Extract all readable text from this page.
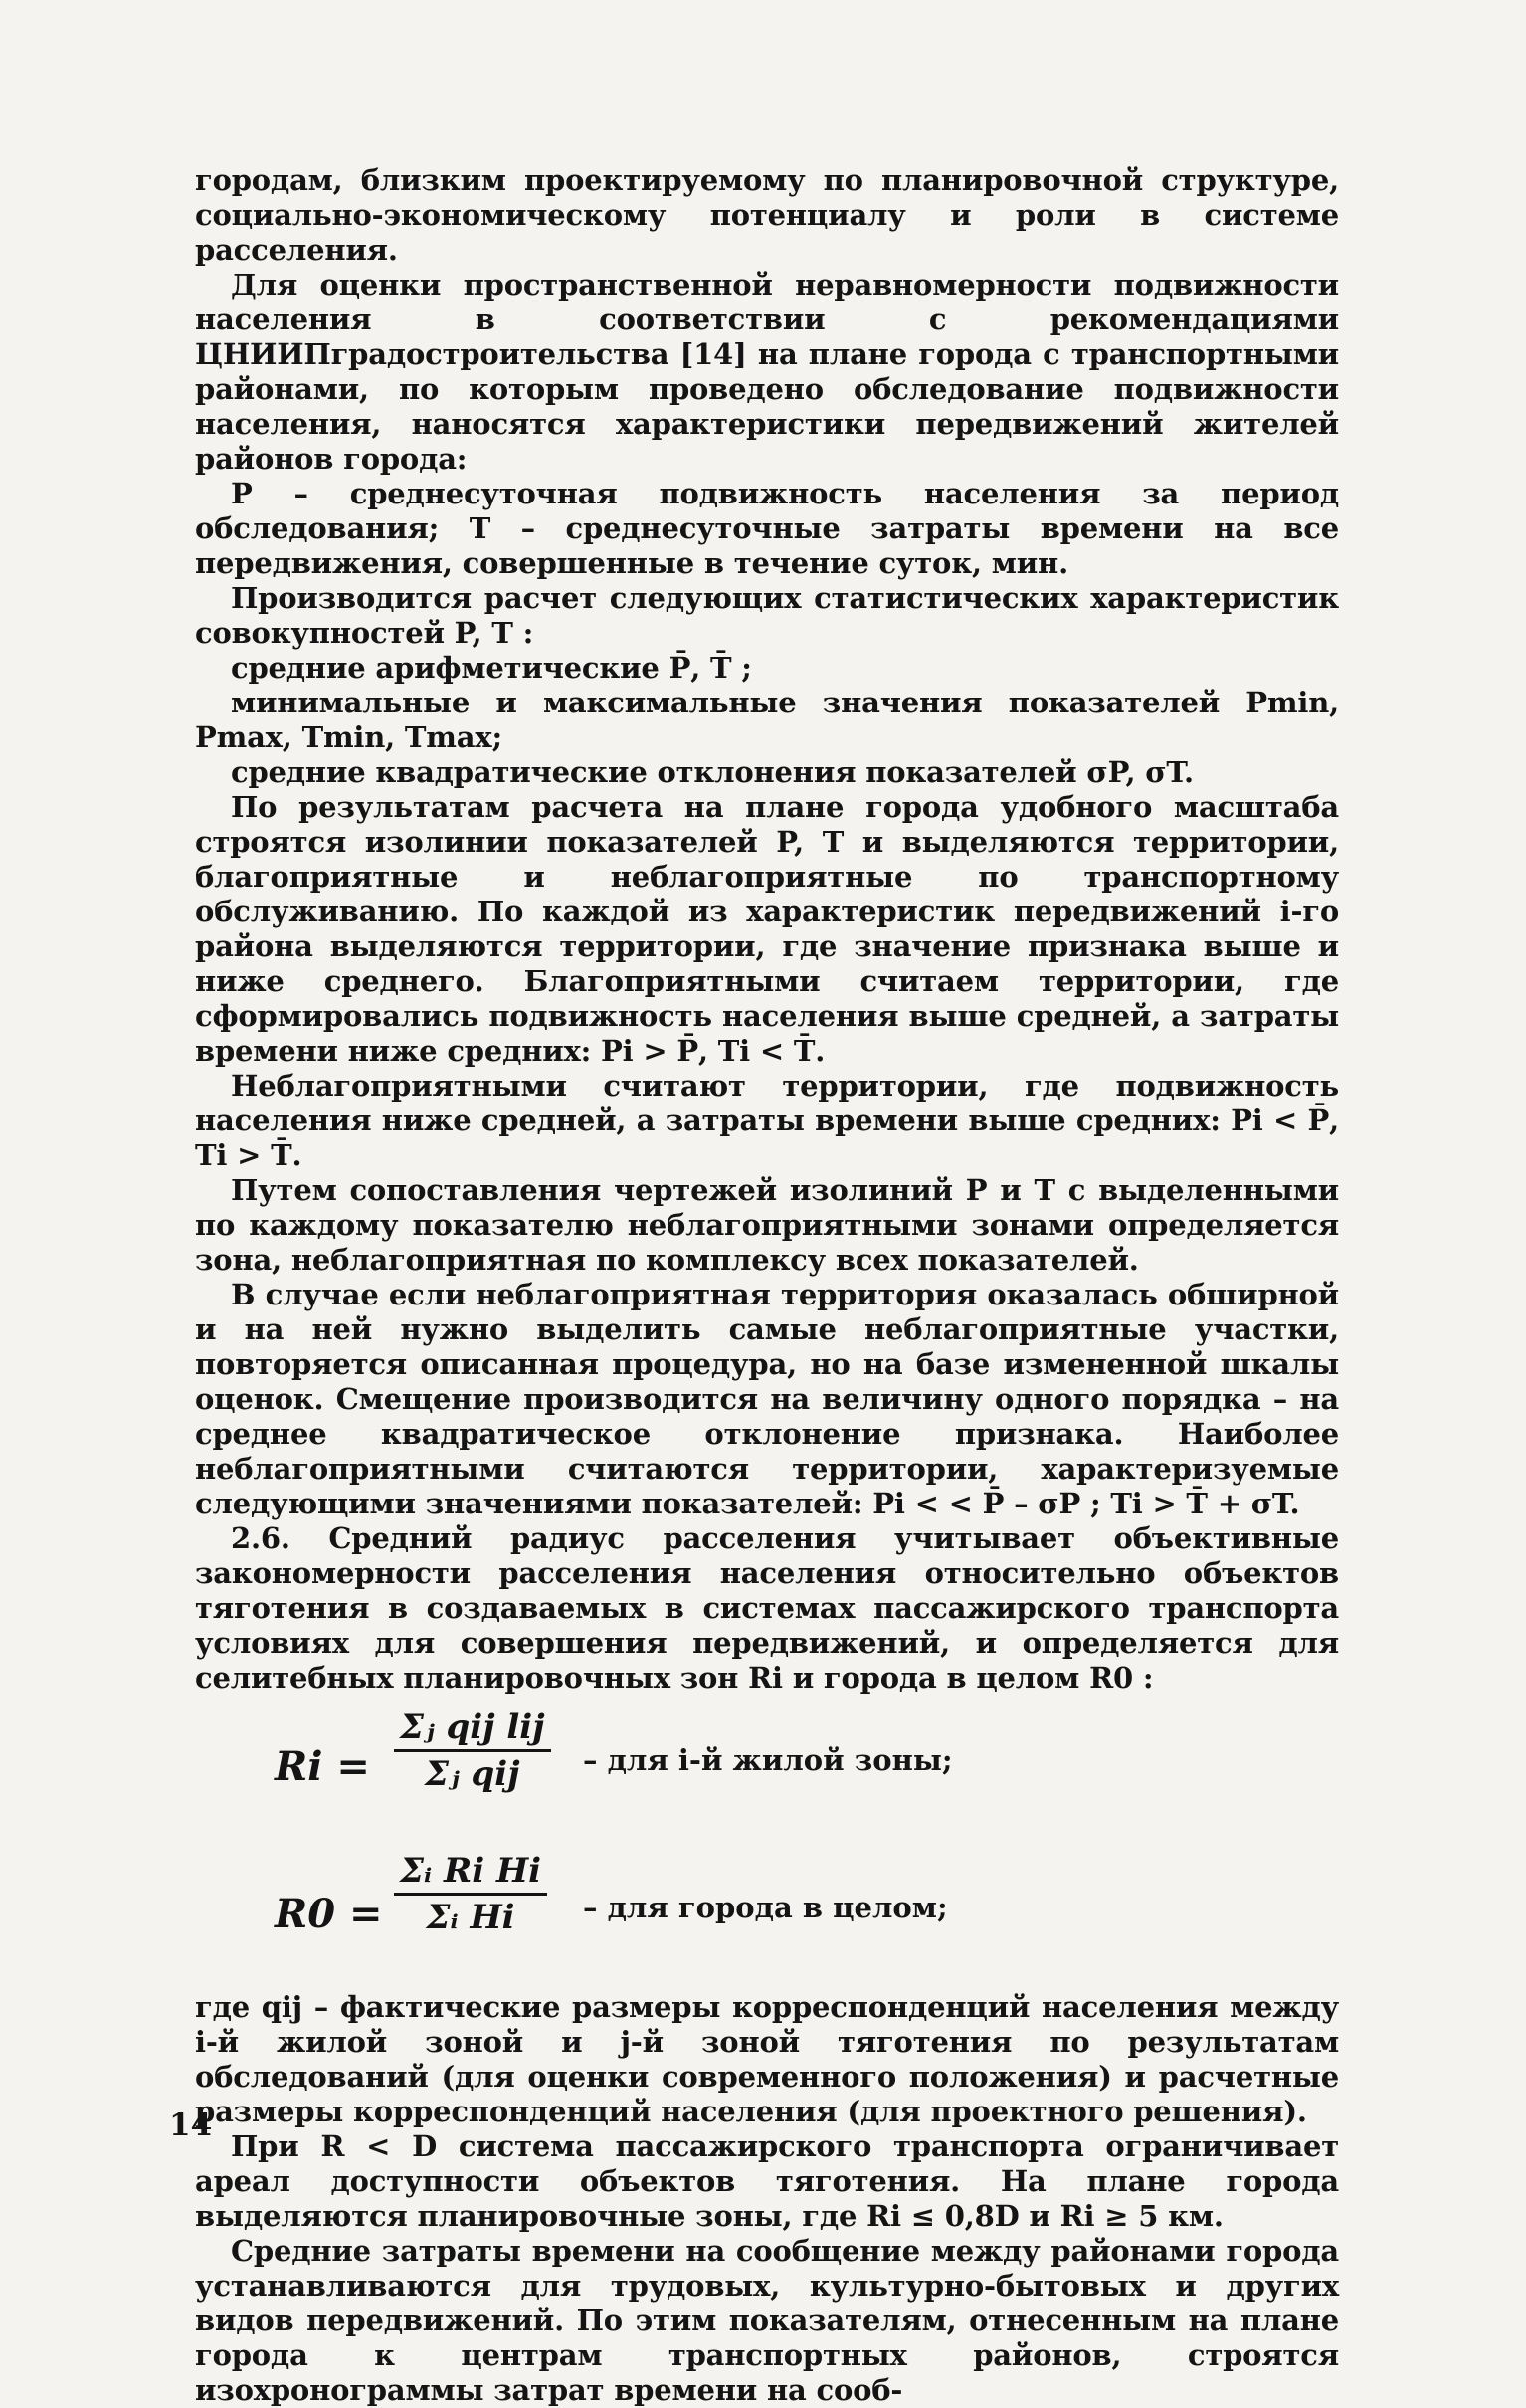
городам, близким проектируемому по планировочной структуре, социально-экономическому потенциалу и роли в системе расселения.

Для оценки пространственной неравномерности подвижности населения в соответствии с рекомендациями ЦНИИПградостроительства [14] на плане города с транспортными районами, по которым проведено обследование подвижности населения, наносятся характеристики передвижений жителей районов города:

P – среднесуточная подвижность населения за период обследования; T – среднесуточные затраты времени на все передвижения, совершенные в течение суток, мин.

Производится расчет следующих статистических характеристик совокупностей P, T :

средние арифметические P̄, T̄ ;

минимальные и максимальные значения показателей Pmin, Pmax, Tmin, Tmax;

средние квадратические отклонения показателей σP, σT.

По результатам расчета на плане города удобного масштаба строятся изолинии показателей P, T и выделяются территории, благоприятные и неблагоприятные по транспортному обслуживанию. По каждой из характеристик передвижений i-го района выделяются территории, где значение признака выше и ниже среднего. Благоприятными считаем территории, где сформировались подвижность населения выше средней, а затраты времени ниже средних: Pi > P̄, Ti < T̄.

Неблагоприятными считают территории, где подвижность населения ниже средней, а затраты времени выше средних: Pi < P̄, Ti > T̄.

Путем сопоставления чертежей изолиний P и T с выделенными по каждому показателю неблагоприятными зонами определяется зона, неблагоприятная по комплексу всех показателей.

В случае если неблагоприятная территория оказалась обширной и на ней нужно выделить самые неблагоприятные участки, повторяется описанная процедура, но на базе измененной шкалы оценок. Смещение производится на величину одного порядка – на среднее квадратическое отклонение признака. Наиболее неблагоприятными считаются территории, характеризуемые следующими значениями показателей: Pi < < P̄ – σP ; Ti > T̄ + σT.

2.6. Средний радиус расселения учитывает объективные закономерности расселения населения относительно объектов тяготения в создаваемых в системах пассажирского транспорта условиях для совершения передвижений, и определяется для селитебных планировочных зон Ri и города в целом R0 :

Ri =
Σⱼ qij lij
Σⱼ qij	– для i-й жилой зоны;
$R0 = \frac{\text{Σᵢ Ri Hi}}{\text{Σᵢ Hi}}$ – для города в целом;

где qij – фактические размеры корреспонденций населения между i-й жилой зоной и j-й зоной тяготения по результатам обследований (для оценки современного положения) и расчетные размеры корреспонденций населения (для проектного решения).

При R < D система пассажирского транспорта ограничивает ареал доступности объектов тяготения. На плане города выделяются планировочные зоны, где Ri ≤ 0,8D и Ri ≥ 5 км.

Средние затраты времени на сообщение между районами города устанавливаются для трудовых, культурно-бытовых и других видов передвижений. По этим показателям, отнесенным на плане города к центрам транспортных районов, строятся изохронограммы затрат времени на сооб-

14
